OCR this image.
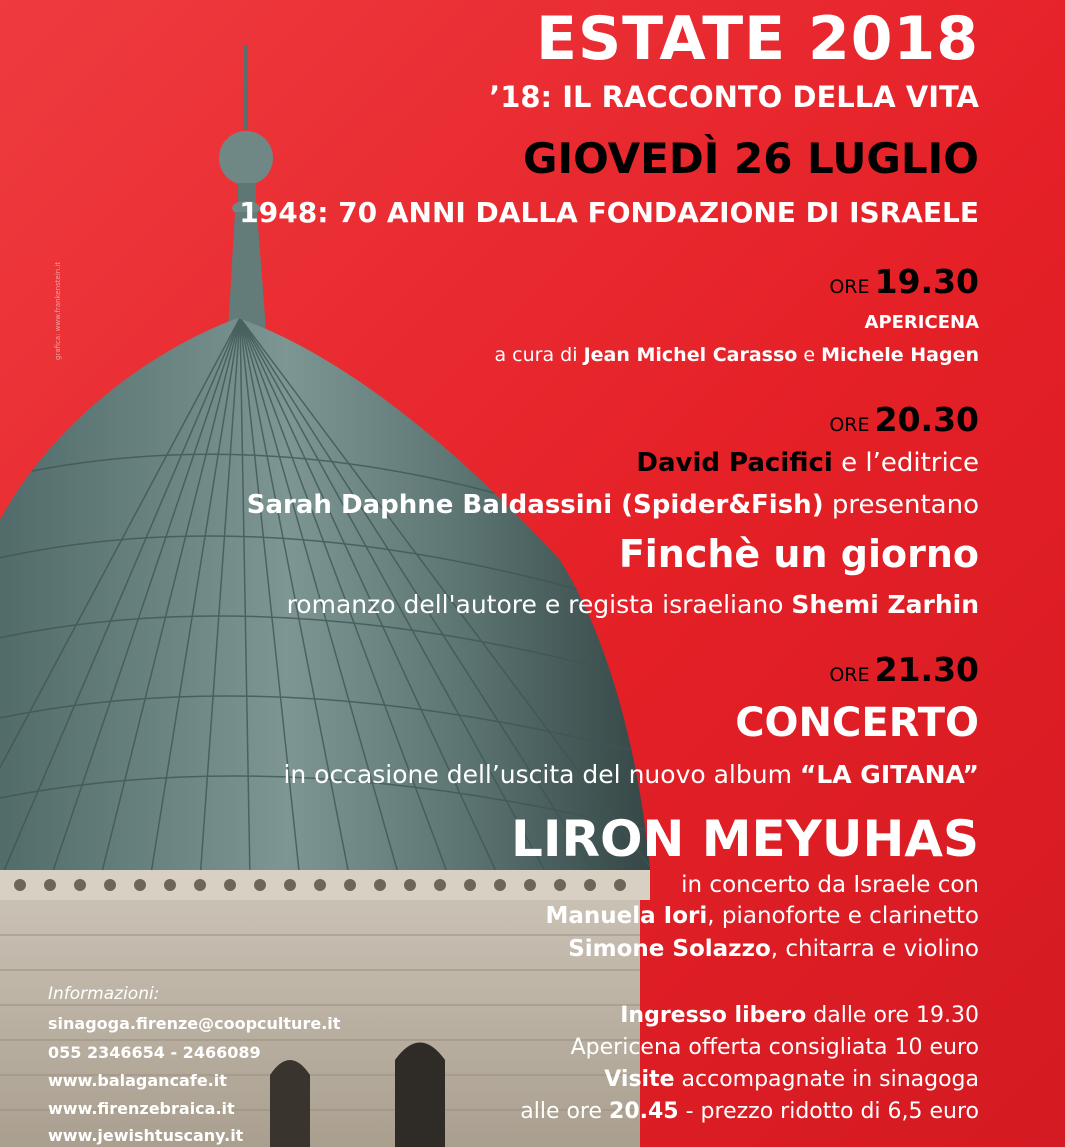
grafica: www.frankenstein.it
ESTATE 2018
’18: IL RACCONTO DELLA VITA
GIOVEDÌ 26 LUGLIO
1948: 70 ANNI DALLA FONDAZIONE DI ISRAELE
ORE 19.30
APERICENA
a cura di Jean Michel Carasso e Michele Hagen
ORE 20.30
David Pacifici e l’editrice
Sarah Daphne Baldassini (Spider&Fish) presentano
Finchè un giorno
romanzo dell'autore e regista israeliano Shemi Zarhin
ORE 21.30
CONCERTO
in occasione dell’uscita del nuovo album “LA GITANA”
LIRON MEYUHAS
in concerto da Israele con
Manuela Iori, pianoforte e clarinetto
Simone Solazzo, chitarra e violino
Ingresso libero dalle ore 19.30
Apericena offerta consigliata 10 euro
Visite accompagnate in sinagoga
alle ore 20.45 - prezzo ridotto di 6,5 euro
Informazioni:
sinagoga.firenze@coopculture.it
055 2346654 - 2466089
www.balagancafe.it
www.firenzebraica.it
www.jewishtuscany.it
